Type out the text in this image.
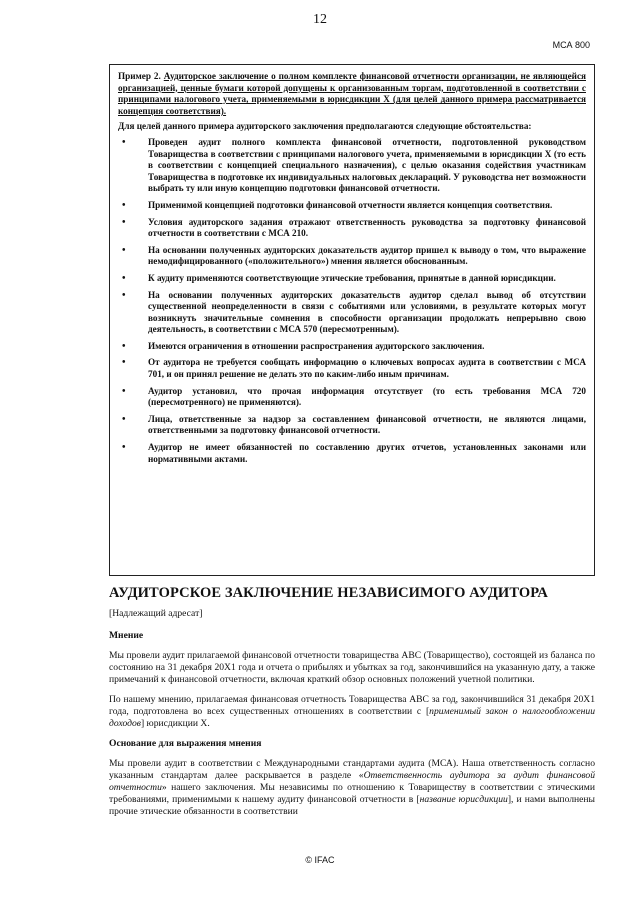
12
МСА 800

Пример 2. Аудиторское заключение о полном комплекте финансовой отчетности организации, не являющейся организацией, ценные бумаги которой допущены к организованным торгам, подготовленной в соответствии с принципами налогового учета, применяемыми в юрисдикции X (для целей данного примера рассматривается концепция соответствия).

Для целей данного примера аудиторского заключения предполагаются следующие обстоятельства:

• Проведен аудит полного комплекта финансовой отчетности, подготовленной руководством Товарищества в соответствии с принципами налогового учета, применяемыми в юрисдикции X (то есть в соответствии с концепцией специального назначения), с целью оказания содействия участникам Товарищества в подготовке их индивидуальных налоговых деклараций. У руководства нет возможности выбрать ту или иную концепцию подготовки финансовой отчетности.
• Применимой концепцией подготовки финансовой отчетности является концепция соответствия.
• Условия аудиторского задания отражают ответственность руководства за подготовку финансовой отчетности в соответствии с МСА 210.
• На основании полученных аудиторских доказательств аудитор пришел к выводу о том, что выражение немодифицированного («положительного») мнения является обоснованным.
• К аудиту применяются соответствующие этические требования, принятые в данной юрисдикции.
• На основании полученных аудиторских доказательств аудитор сделал вывод об отсутствии существенной неопределенности в связи с событиями или условиями, в результате которых могут возникнуть значительные сомнения в способности организации продолжать непрерывно свою деятельность, в соответствии с МСА 570 (пересмотренным).
• Имеются ограничения в отношении распространения аудиторского заключения.
• От аудитора не требуется сообщать информацию о ключевых вопросах аудита в соответствии с МСА 701, и он принял решение не делать это по каким-либо иным причинам.
• Аудитор установил, что прочая информация отсутствует (то есть требования МСА 720 (пересмотренного) не применяются).
• Лица, ответственные за надзор за составлением финансовой отчетности, не являются лицами, ответственными за подготовку финансовой отчетности.
• Аудитор не имеет обязанностей по составлению других отчетов, установленных законами или нормативными актами.
АУДИТОРСКОЕ ЗАКЛЮЧЕНИЕ НЕЗАВИСИМОГО АУДИТОРА

[Надлежащий адресат]

Мнение

Мы провели аудит прилагаемой финансовой отчетности товарищества ABC (Товарищество), состоящей из баланса по состоянию на 31 декабря 20X1 года и отчета о прибылях и убытках за год, закончившийся на указанную дату, а также примечаний к финансовой отчетности, включая краткий обзор основных положений учетной политики.

По нашему мнению, прилагаемая финансовая отчетность Товарищества ABC за год, закончившийся 31 декабря 20X1 года, подготовлена во всех существенных отношениях в соответствии с [применимый закон о налогообложении доходов] юрисдикции X.

Основание для выражения мнения

Мы провели аудит в соответствии с Международными стандартами аудита (МСА). Наша ответственность согласно указанным стандартам далее раскрывается в разделе «Ответственность аудитора за аудит финансовой отчетности» нашего заключения. Мы независимы по отношению к Товариществу в соответствии с этическими требованиями, применимыми к нашему аудиту финансовой отчетности в [название юрисдикции], и нами выполнены прочие этические обязанности в соответствии

© IFAC
